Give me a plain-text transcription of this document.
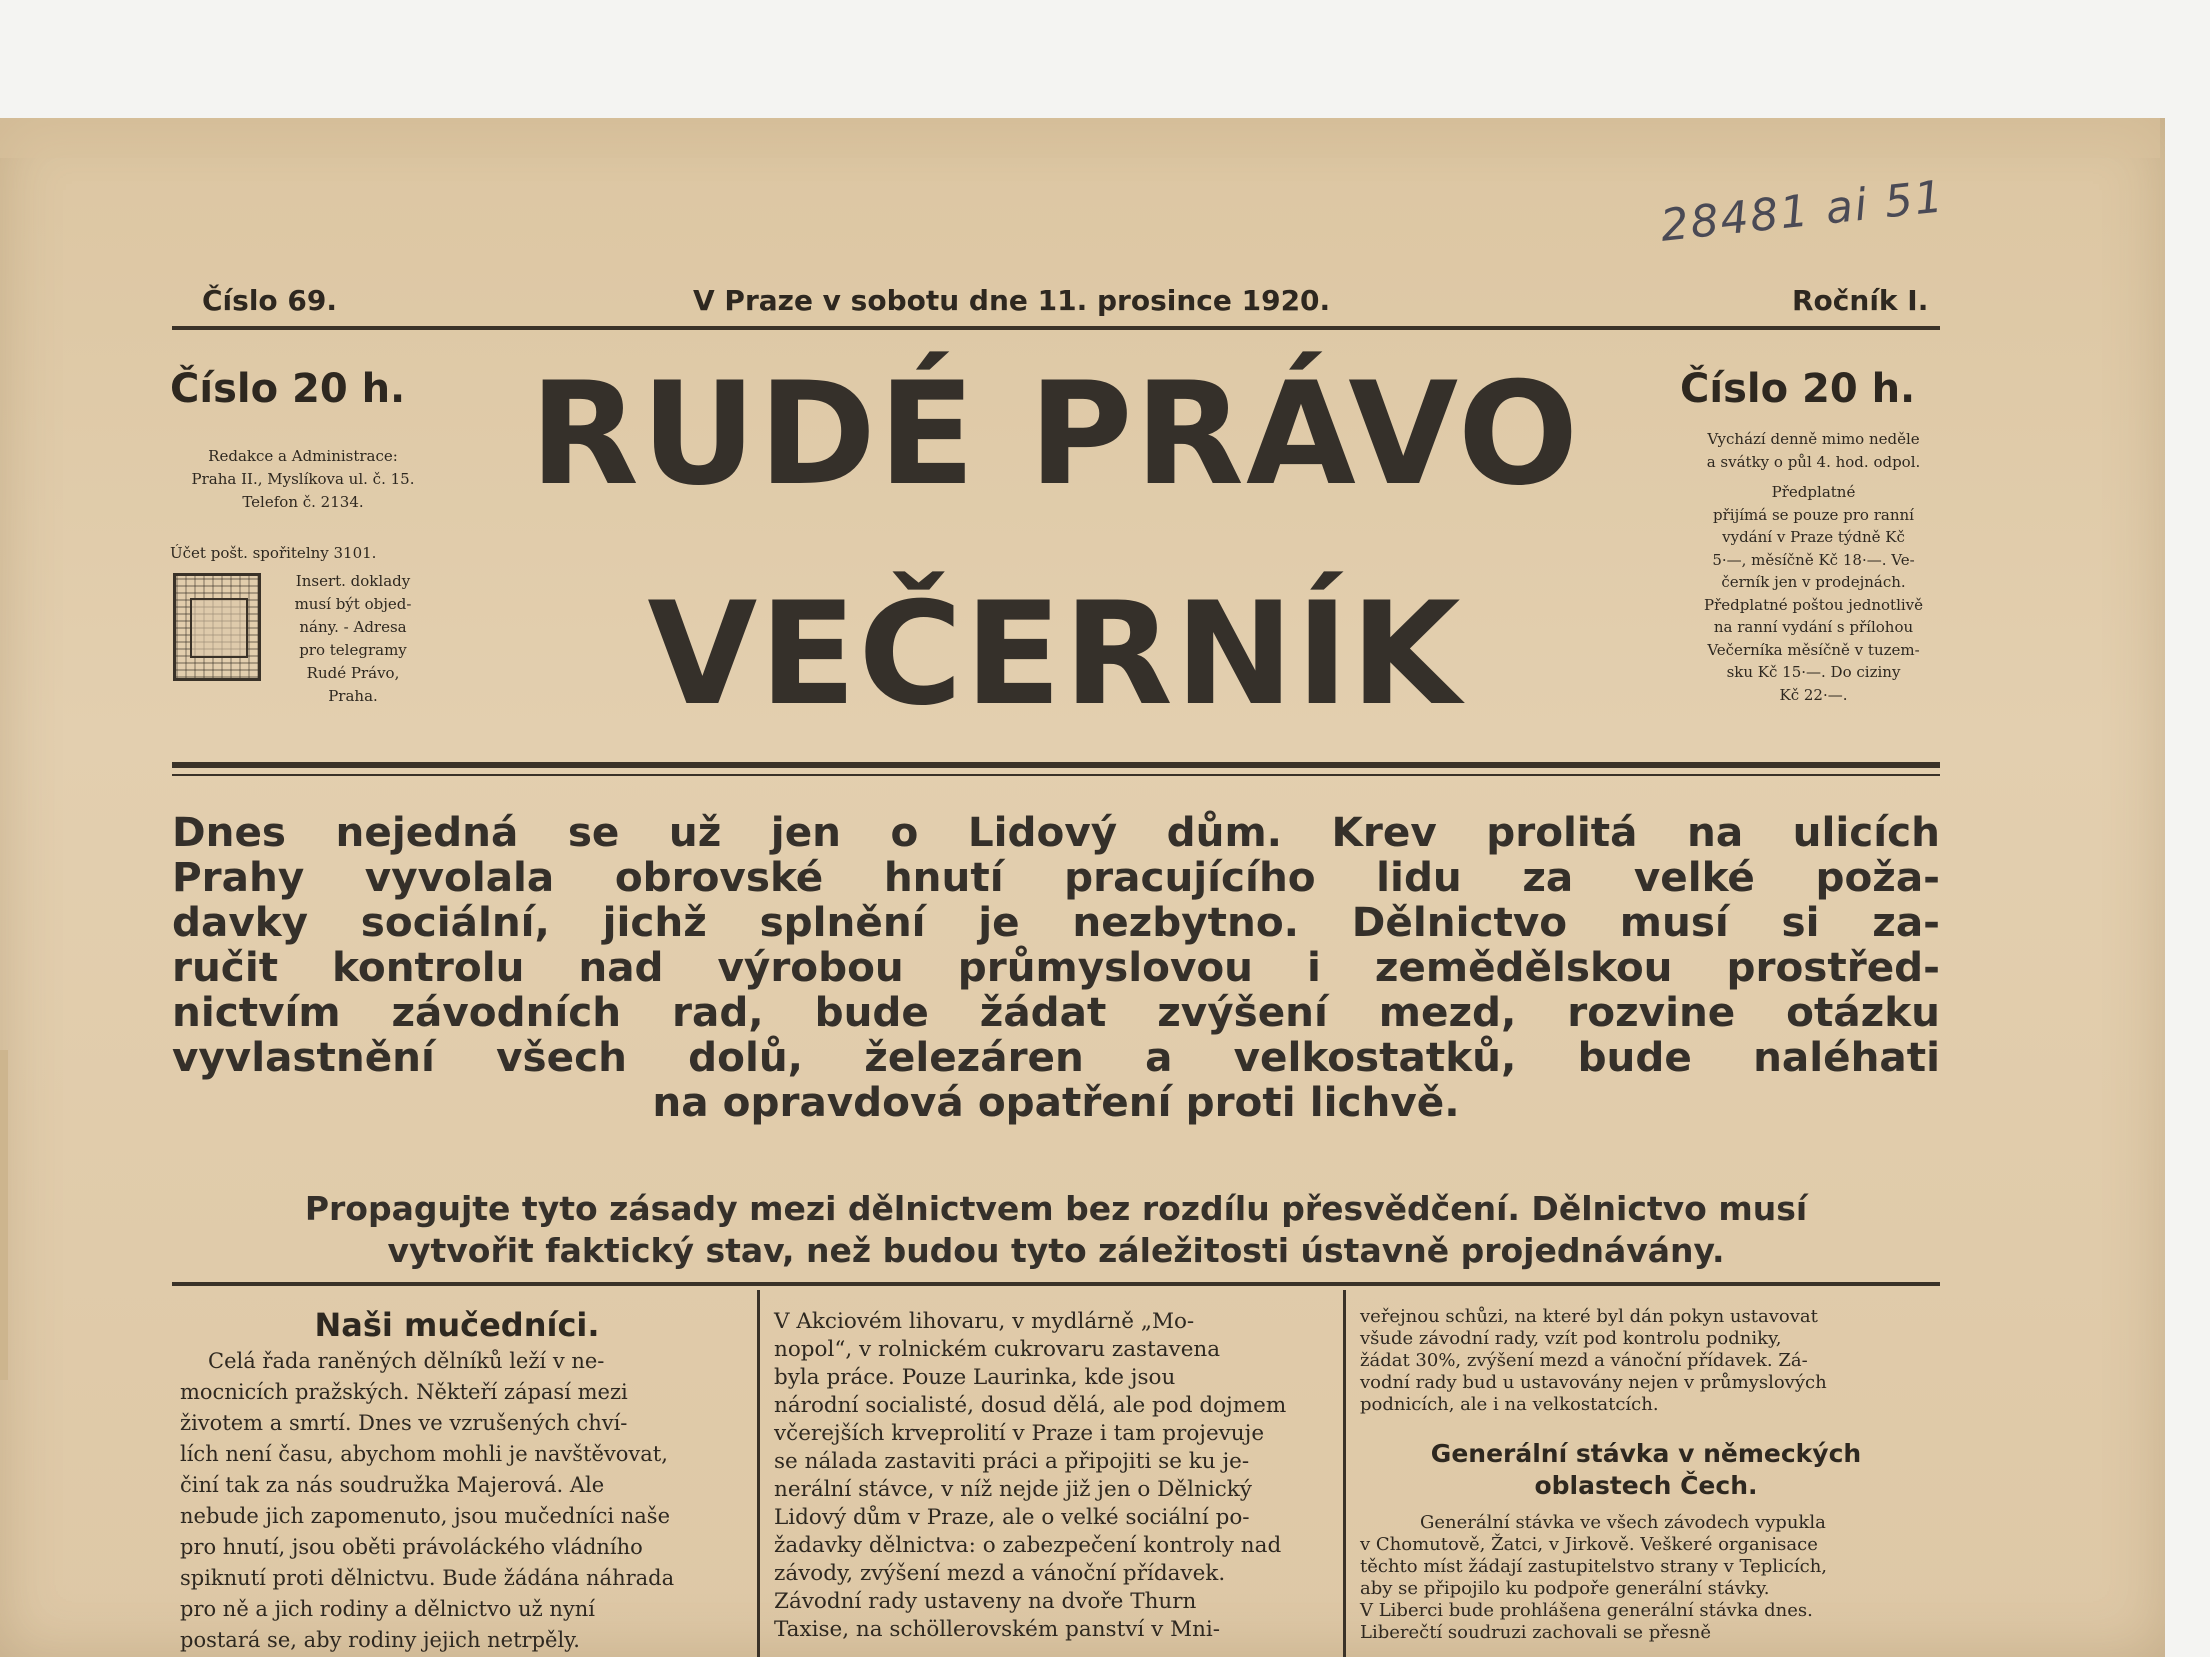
28481 ai 51
Číslo 69.	V Praze v sobotu dne 11. prosince 1920.	Ročník I.
Číslo 20 h.
Redakce a Administrace:
Praha II., Myslíkova ul. č. 15.
Telefon č. 2134.
Účet pošt. spořitelny 3101.
Insert. doklady
musí být objed-
nány. - Adresa
pro telegramy
Rudé Právo,
Praha.
RUDÉ PRÁVO
VEČERNÍK
Číslo 20 h.
Vychází denně mimo neděle
a svátky o půl 4. hod. odpol.
Předplatné
přijímá se pouze pro ranní
vydání v Praze týdně Kč
5·—, měsíčně Kč 18·—. Ve-
černík jen v prodejnách.
Předplatné poštou jednotlivě
na ranní vydání s přílohou
Večerníka měsíčně v tuzem-
sku Kč 15·—. Do ciziny
Kč 22·—.
Dnes nejedná se už jen o Lidový dům. Krev prolitá na ulicích
Prahy vyvolala obrovské hnutí pracujícího lidu za velké poža-
davky sociální, jichž splnění je nezbytno. Dělnictvo musí si za-
ručit kontrolu nad výrobou průmyslovou i zemědělskou prostřed-
nictvím závodních rad, bude žádat zvýšení mezd, rozvine otázku
vyvlastnění všech dolů, železáren a velkostatků, bude naléhati
na opravdová opatření proti lichvě.
Propagujte tyto zásady mezi dělnictvem bez rozdílu přesvědčení. Dělnictvo musí
vytvořit faktický stav, než budou tyto záležitosti ústavně projednávány.
Naši mučedníci.
Celá řada raněných dělníků leží v ne-
mocnicích pražských. Někteří zápasí mezi
životem a smrtí. Dnes ve vzrušených chví-
lích není času, abychom mohli je navštěvovat,
činí tak za nás soudružka Majerová. Ale
nebude jich zapomenuto, jsou mučedníci naše
pro hnutí, jsou oběti právoláckého vládního
spiknutí proti dělnictvu. Bude žádána náhrada
pro ně a jich rodiny a dělnictvo už nyní
postará se, aby rodiny jejich netrpěly.
V Akciovém lihovaru, v mydlárně „Mo-
nopol“, v rolnickém cukrovaru zastavena
byla práce. Pouze Laurinka, kde jsou
národní socialisté, dosud dělá, ale pod dojmem
včerejších krveprolití v Praze i tam projevuje
se nálada zastaviti práci a připojiti se ku je-
nerální stávce, v níž nejde již jen o Dělnický
Lidový dům v Praze, ale o velké sociální po-
žadavky dělnictva: o zabezpečení kontroly nad
závody, zvýšení mezd a vánoční přídavek.
Závodní rady ustaveny na dvoře Thurn
Taxise, na schöllerovském panství v Mni-
veřejnou schůzi, na které byl dán pokyn ustavovat
všude závodní rady, vzít pod kontrolu podniky,
žádat 30%, zvýšení mezd a vánoční přídavek. Zá-
vodní rady bud u ustavovány nejen v průmyslových
podnicích, ale i na velkostatcích.
Generální stávka v německých
oblastech Čech.
Generální stávka ve všech závodech vypukla
v Chomutově, Žatci, v Jirkově. Veškeré organisace
těchto míst žádají zastupitelstvo strany v Teplicích,
aby se připojilo ku podpoře generální stávky.
V Liberci bude prohlášena generální stávka dnes.
Liberečtí soudruzi zachovali se přesně
